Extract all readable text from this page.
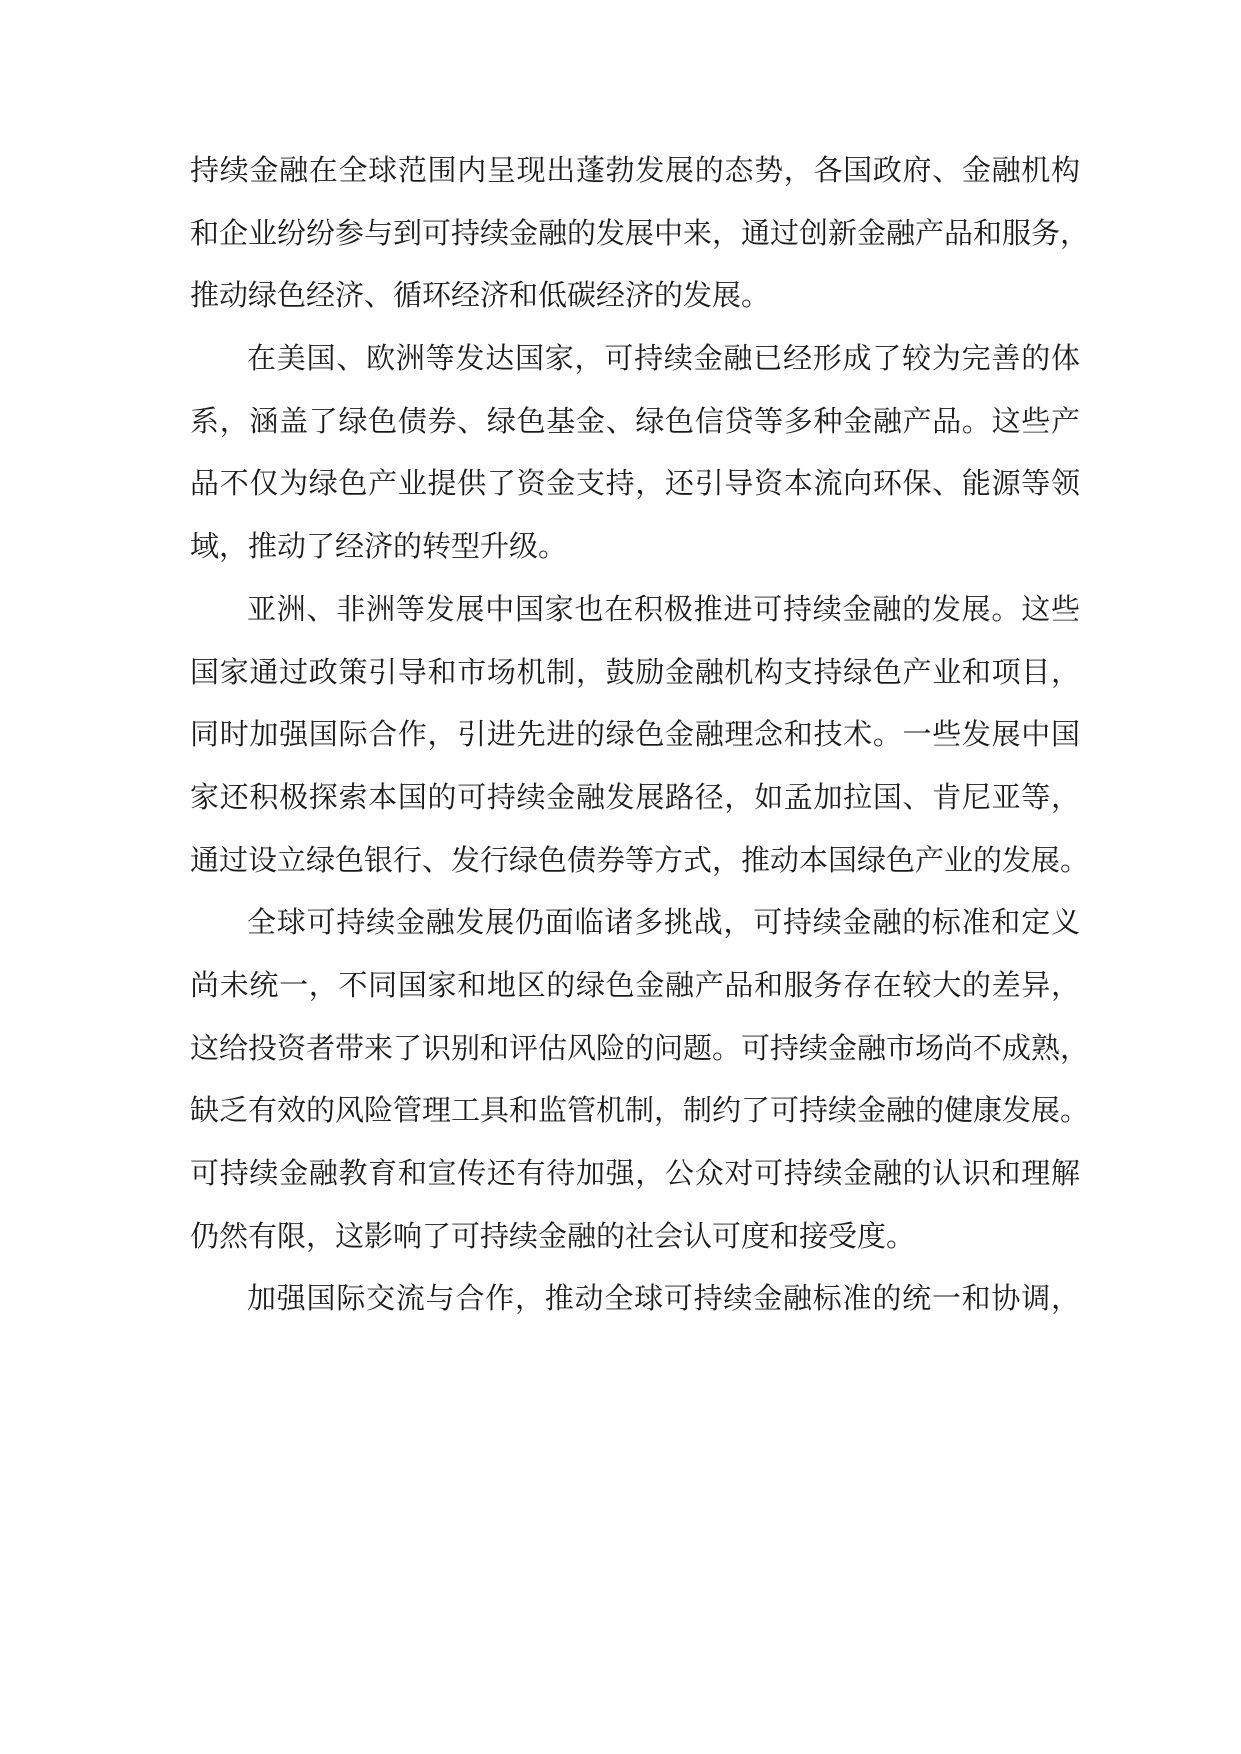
持续金融在全球范围内呈现出蓬勃发展的态势，各国政府、金融机构
和企业纷纷参与到可持续金融的发展中来，通过创新金融产品和服务，
推动绿色经济、循环经济和低碳经济的发展。
在美国、欧洲等发达国家，可持续金融已经形成了较为完善的体
系，涵盖了绿色债券、绿色基金、绿色信贷等多种金融产品。这些产
品不仅为绿色产业提供了资金支持，还引导资本流向环保、能源等领
域，推动了经济的转型升级。
亚洲、非洲等发展中国家也在积极推进可持续金融的发展。这些
国家通过政策引导和市场机制，鼓励金融机构支持绿色产业和项目，
同时加强国际合作，引进先进的绿色金融理念和技术。一些发展中国
家还积极探索本国的可持续金融发展路径，如孟加拉国、肯尼亚等，
通过设立绿色银行、发行绿色债券等方式，推动本国绿色产业的发展。
全球可持续金融发展仍面临诸多挑战，可持续金融的标准和定义
尚未统一，不同国家和地区的绿色金融产品和服务存在较大的差异，
这给投资者带来了识别和评估风险的问题。可持续金融市场尚不成熟，
缺乏有效的风险管理工具和监管机制，制约了可持续金融的健康发展。
可持续金融教育和宣传还有待加强，公众对可持续金融的认识和理解
仍然有限，这影响了可持续金融的社会认可度和接受度。
加强国际交流与合作，推动全球可持续金融标准的统一和协调，
